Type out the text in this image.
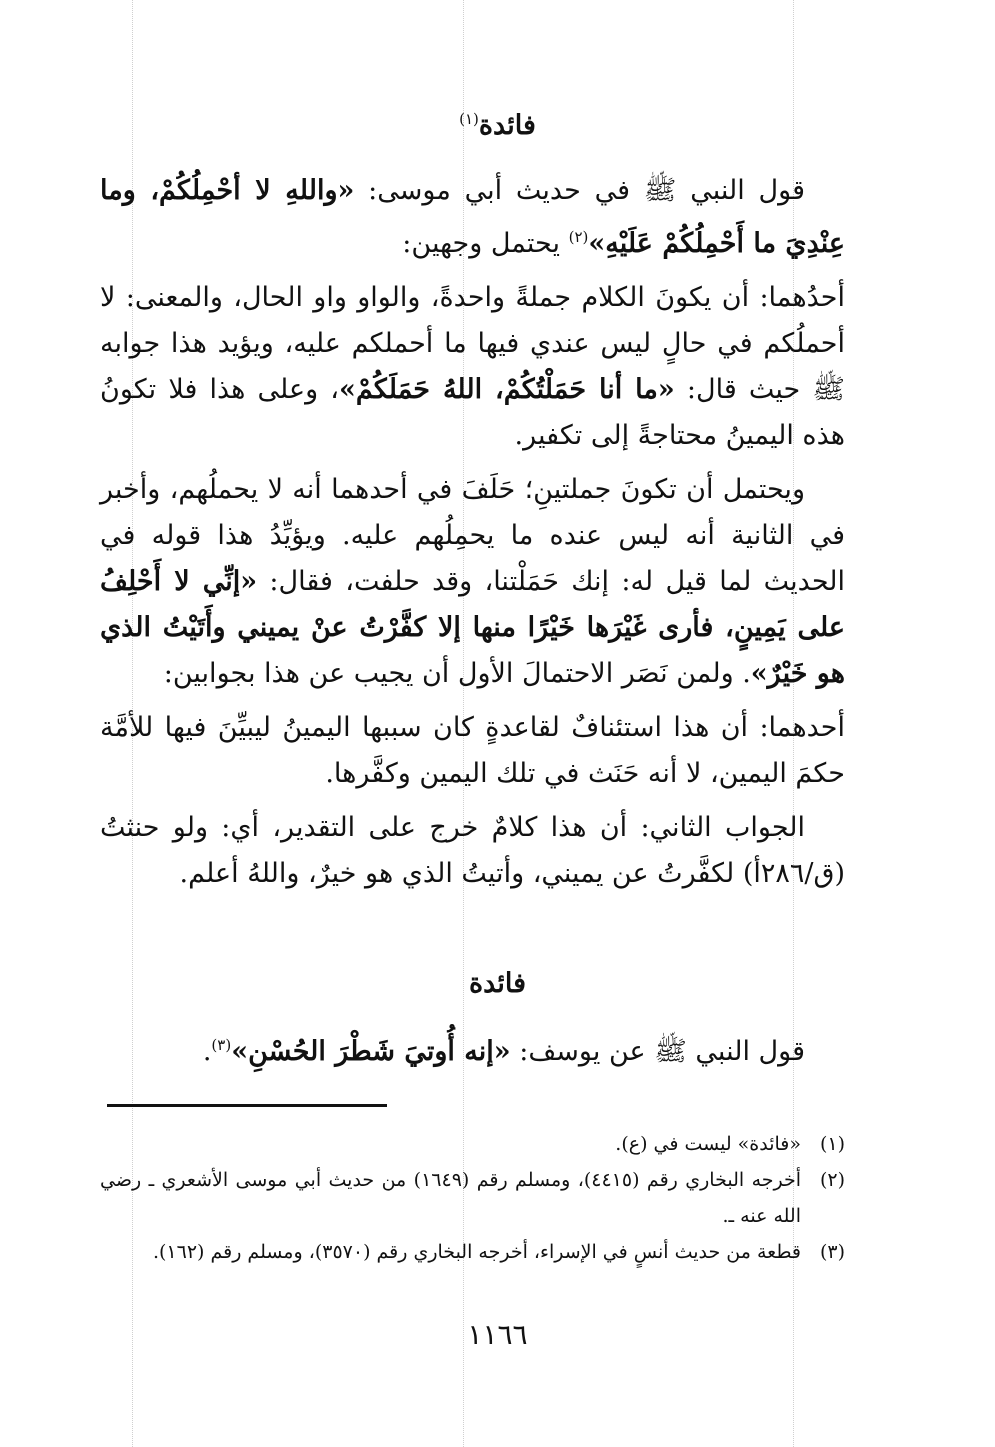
فائدة$^{(١)}$

قول النبي ﷺ في حديث أبي موسى: «واللهِ لا أحْمِلُكُمْ، وما عِنْدِيَ ما أَحْمِلُكُمْ عَلَيْهِ»$^{(٢)}$ يحتمل وجهين:

أحدُهما: أن يكونَ الكلام جملةً واحدةً، والواو واو الحال، والمعنى: لا أحملُكم في حالٍ ليس عندي فيها ما أحملكم عليه، ويؤيد هذا جوابه ﷺ حيث قال: «ما أنا حَمَلْتُكُمْ، اللهُ حَمَلَكُمْ»، وعلى هذا فلا تكونُ هذه اليمينُ محتاجةً إلى تكفير.

ويحتمل أن تكونَ جملتينِ؛ حَلَفَ في أحدهما أنه لا يحملُهم، وأخبر في الثانية أنه ليس عنده ما يحمِلُهم عليه. ويؤيِّدُ هذا قوله في الحديث لما قيل له: إنك حَمَلْتنا، وقد حلفت، فقال: «إنِّي لا أَحْلِفُ على يَمِينٍ، فأرى غَيْرَها خَيْرًا منها إلا كفَّرْتُ عنْ يميني وأَتَيْتُ الذي هو خَيْرٌ». ولمن نَصَر الاحتمالَ الأول أن يجيب عن هذا بجوابين:

أحدهما: أن هذا استئنافٌ لقاعدةٍ كان سببها اليمينُ ليبيِّنَ فيها للأمَّة حكمَ اليمين، لا أنه حَنَث في تلك اليمين وكفَّرها.

الجواب الثاني: أن هذا كلامٌ خرج على التقدير، أي: ولو حنثتُ (ق/٢٨٦أ) لكفَّرتُ عن يميني، وأتيتُ الذي هو خيرٌ، واللهُ أعلم.

فائدة

قول النبي ﷺ عن يوسف: «إنه أُوتيَ شَطْرَ الحُسْنِ»$^{(٣)}$.

(١)
«فائدة» ليست في (ع).
(٢)
أخرجه البخاري رقم (٤٤١٥)، ومسلم رقم (١٦٤٩) من حديث أبي موسى الأشعري ـ رضي الله عنه ـ.
(٣)
قطعة من حديث أنسٍ في الإسراء، أخرجه البخاري رقم (٣٥٧٠)، ومسلم رقم (١٦٢).
١١٦٦
